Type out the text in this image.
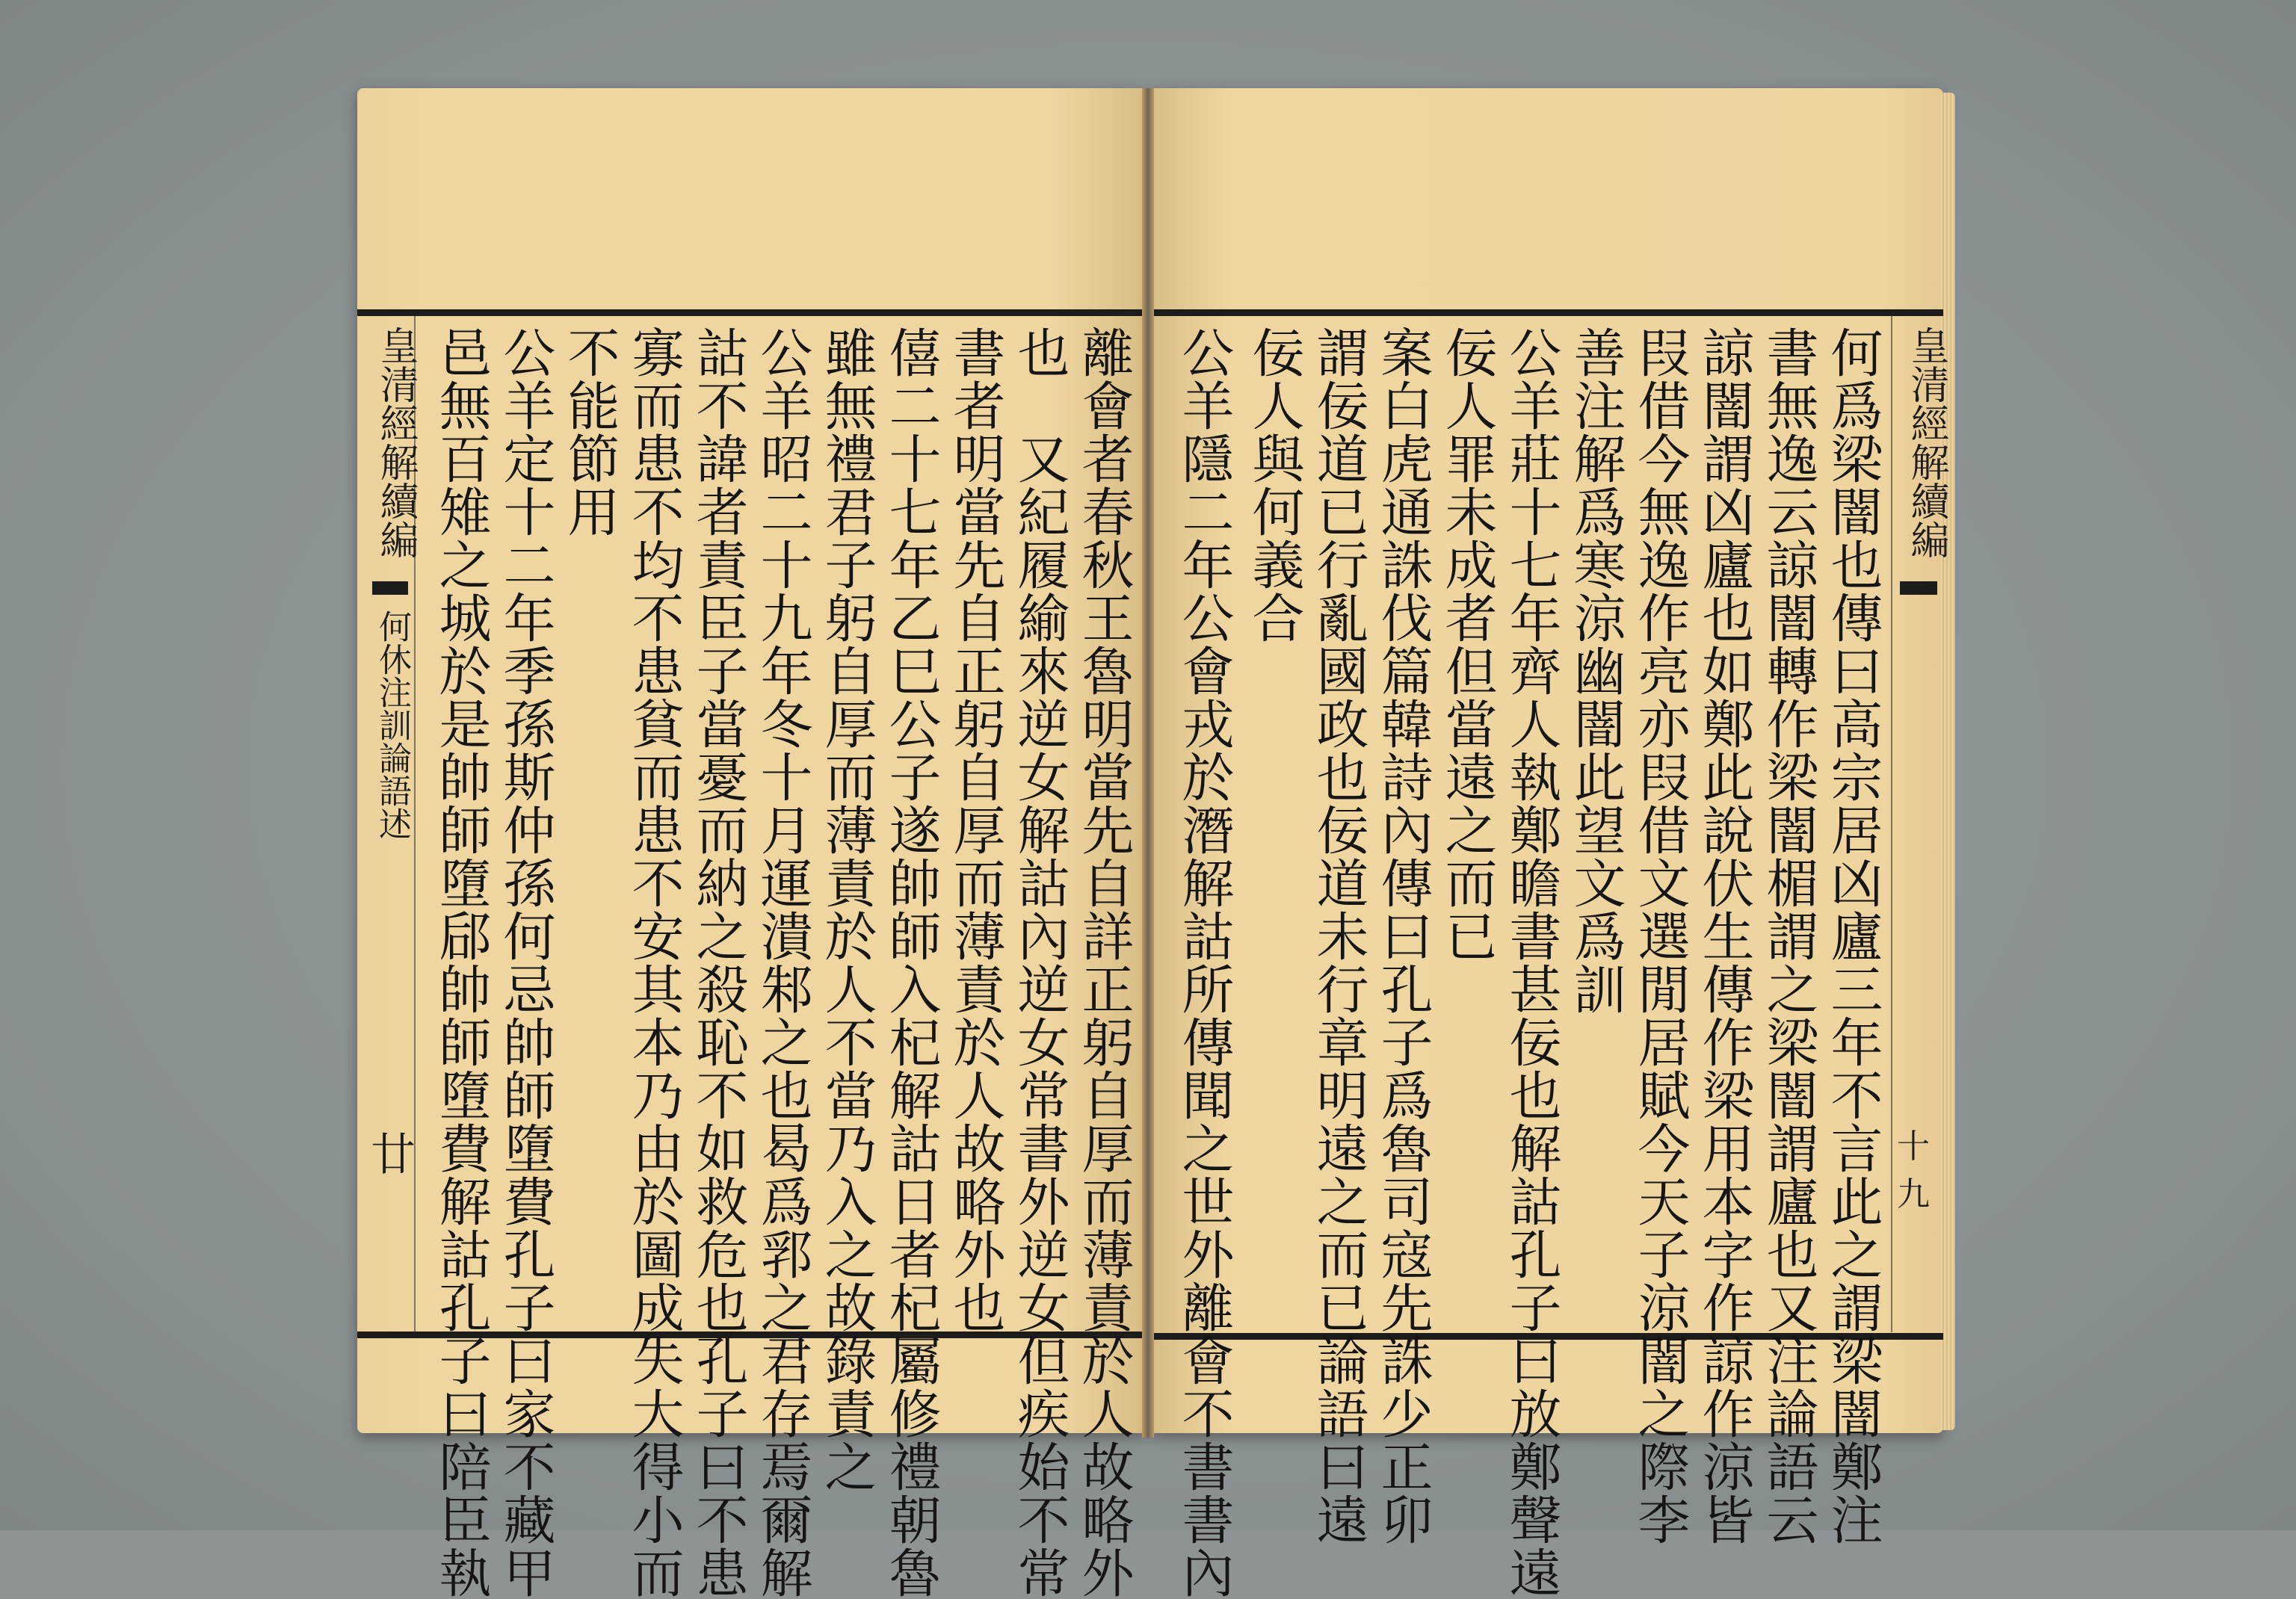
皇清經解續編
何休注訓論語述
廿	離會者春秋王魯明當先自詳正躬自厚而薄責於人故略外
也　又紀履緰來逆女解詁內逆女常書外逆女但疾始不常
書者明當先自正躬自厚而薄責於人故略外也
僖二十七年乙巳公子遂帥師入杞解詁日者杞屬修禮朝魯
雖無禮君子躬自厚而薄責於人不當乃入之故錄責之
公羊昭二十九年冬十月運潰邾之也曷爲郛之君存焉爾解
詁不諱者責臣子當憂而納之殺恥不如救危也孔子曰不患
寡而患不均不患貧而患不安其本乃由於圖成失大得小而
不能節用
公羊定十二年季孫斯仲孫何忌帥師墮費孔子曰家不藏甲
邑無百雉之城於是帥師墮郈帥師墮費解詁孔子曰陪臣執	皇清經解續編
十九
何爲梁闇也傳曰高宗居凶廬三年不言此之謂梁闇鄭注
書無逸云諒闇轉作梁闇楣謂之梁闇謂廬也又注論語云
諒闇謂凶廬也如鄭此說伏生傳作梁用本字作諒作涼皆
叚借今無逸作亮亦叚借文選閒居賦今天子涼闇之際李
善注解爲寒涼幽闇此望文爲訓
公羊莊十七年齊人執鄭瞻書甚佞也解詁孔子曰放鄭聲遠
佞人罪未成者但當遠之而已
案白虎通誅伐篇韓詩內傳曰孔子爲魯司寇先誅少正卯
謂佞道已行亂國政也佞道未行章明遠之而已論語曰遠
佞人與何義合
公羊隱二年公會戎於潛解詁所傳聞之世外離會不書書內
